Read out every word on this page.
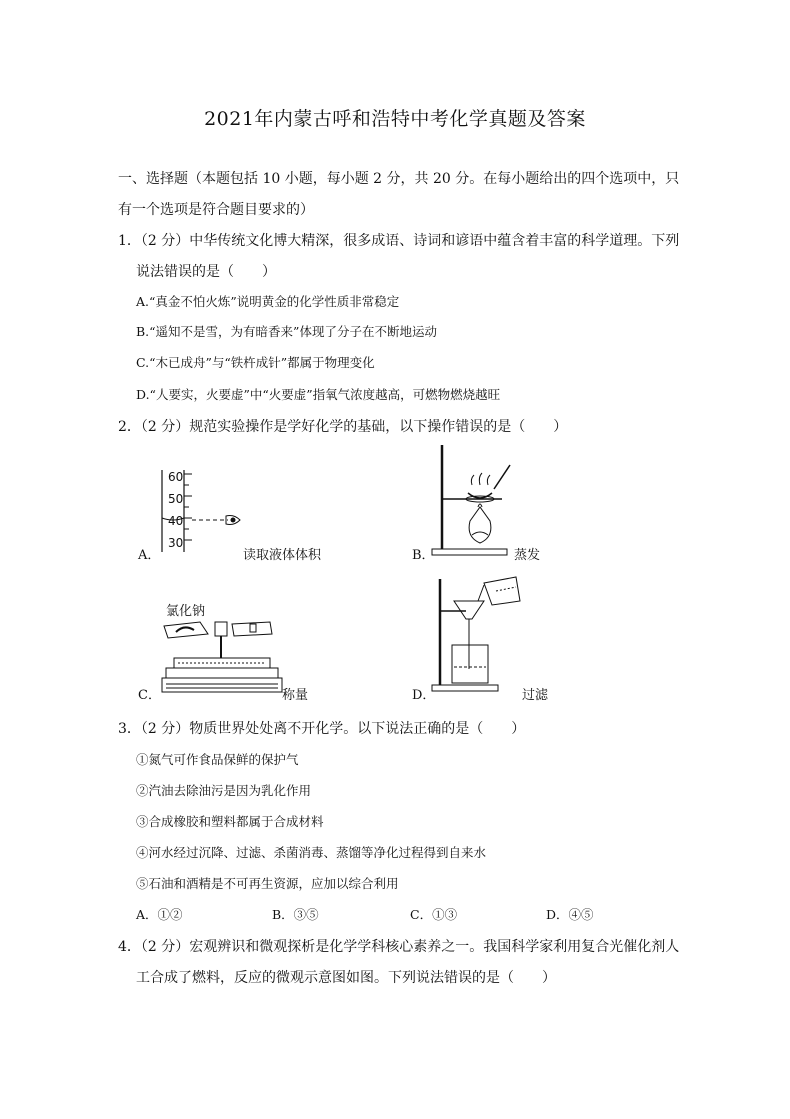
2021年内蒙古呼和浩特中考化学真题及答案
一、选择题（本题包括 10 小题，每小题 2 分，共 20 分。在每小题给出的四个选项中，只
有一个选项是符合题目要求的）
1．（2 分）中华传统文化博大精深，很多成语、诗词和谚语中蕴含着丰富的科学道理。下列
说法错误的是（　　）
A.“真金不怕火炼”说明黄金的化学性质非常稳定
B.“遥知不是雪，为有暗香来”体现了分子在不断地运动
C.“木已成舟”与“铁杵成针”都属于物理变化
D.“人要实，火要虚”中“火要虚”指氧气浓度越高，可燃物燃烧越旺
2．（2 分）规范实验操作是学好化学的基础，以下操作错误的是（　　）
60
50
40
30
A．	读取液体体积	B．	蒸发
氯化钠
C．	称量	D．	过滤
3．（2 分）物质世界处处离不开化学。以下说法正确的是（　　）
①氮气可作食品保鲜的保护气
②汽油去除油污是因为乳化作用
③合成橡胶和塑料都属于合成材料
④河水经过沉降、过滤、杀菌消毒、蒸馏等净化过程得到自来水
⑤石油和酒精是不可再生资源，应加以综合利用
A．①②	B．③⑤	C．①③	D．④⑤
4．（2 分）宏观辨识和微观探析是化学学科核心素养之一。我国科学家利用复合光催化剂人
工合成了燃料，反应的微观示意图如图。下列说法错误的是（　　）
